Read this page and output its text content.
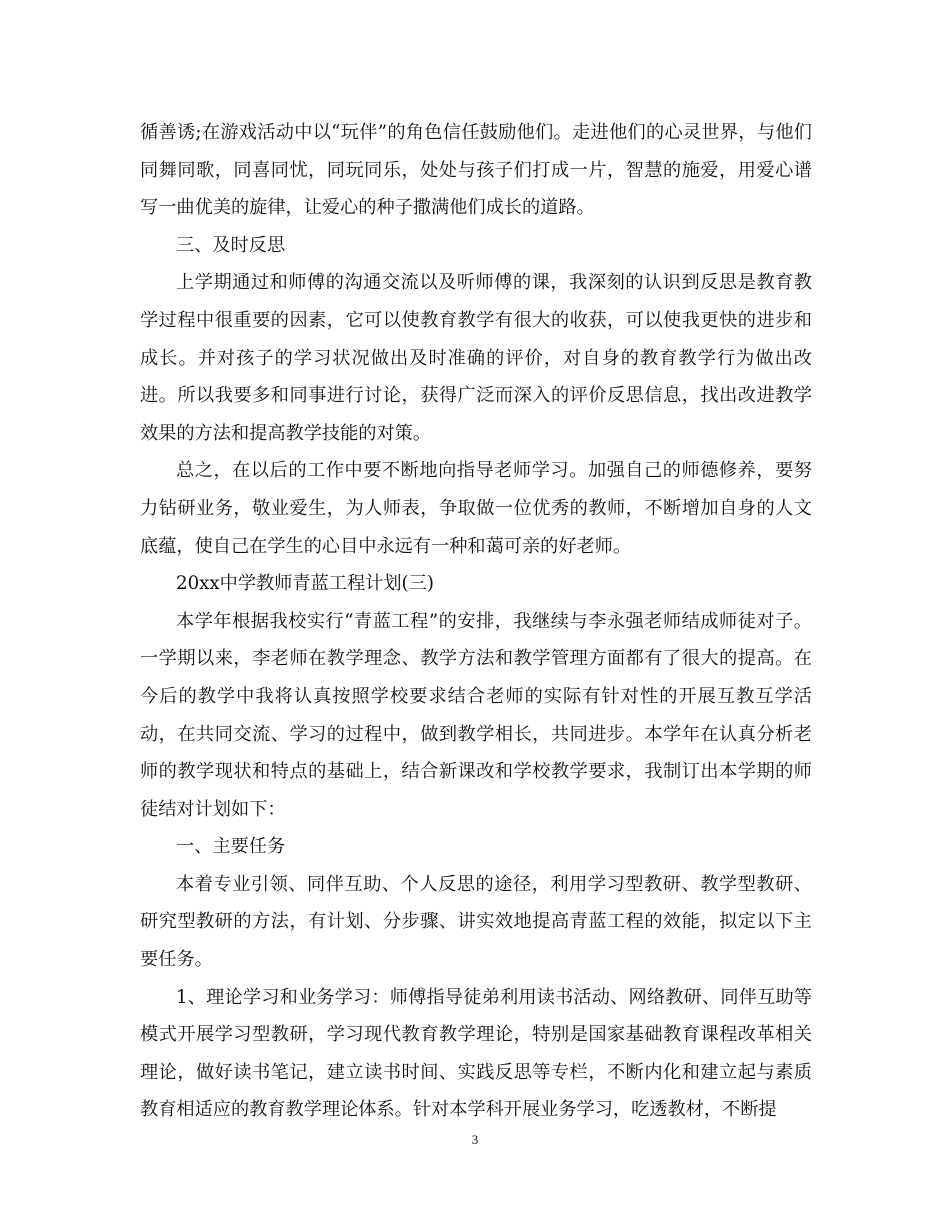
循善诱;在游戏活动中以“玩伴”的角色信任鼓励他们。走进他们的心灵世界，与他们同舞同歌，同喜同忧，同玩同乐，处处与孩子们打成一片，智慧的施爱，用爱心谱写一曲优美的旋律，让爱心的种子撒满他们成长的道路。

三、及时反思

上学期通过和师傅的沟通交流以及听师傅的课，我深刻的认识到反思是教育教学过程中很重要的因素，它可以使教育教学有很大的收获，可以使我更快的进步和成长。并对孩子的学习状况做出及时准确的评价，对自身的教育教学行为做出改进。所以我要多和同事进行讨论，获得广泛而深入的评价反思信息，找出改进教学效果的方法和提高教学技能的对策。

总之，在以后的工作中要不断地向指导老师学习。加强自己的师德修养，要努力钻研业务，敬业爱生，为人师表，争取做一位优秀的教师，不断增加自身的人文底蕴，使自己在学生的心目中永远有一种和蔼可亲的好老师。

20xx中学教师青蓝工程计划(三)

本学年根据我校实行“青蓝工程”的安排，我继续与李永强老师结成师徒对子。一学期以来，李老师在教学理念、教学方法和教学管理方面都有了很大的提高。在今后的教学中我将认真按照学校要求结合老师的实际有针对性的开展互教互学活动，在共同交流、学习的过程中，做到教学相长，共同进步。本学年在认真分析老师的教学现状和特点的基础上，结合新课改和学校教学要求，我制订出本学期的师徒结对计划如下：

一、主要任务

本着专业引领、同伴互助、个人反思的途径，利用学习型教研、教学型教研、研究型教研的方法，有计划、分步骤、讲实效地提高青蓝工程的效能，拟定以下主要任务。

1、理论学习和业务学习：师傅指导徒弟利用读书活动、网络教研、同伴互助等模式开展学习型教研，学习现代教育教学理论，特别是国家基础教育课程改革相关理论，做好读书笔记，建立读书时间、实践反思等专栏，不断内化和建立起与素质教育相适应的教育教学理论体系。针对本学科开展业务学习，吃透教材，不断提

3
